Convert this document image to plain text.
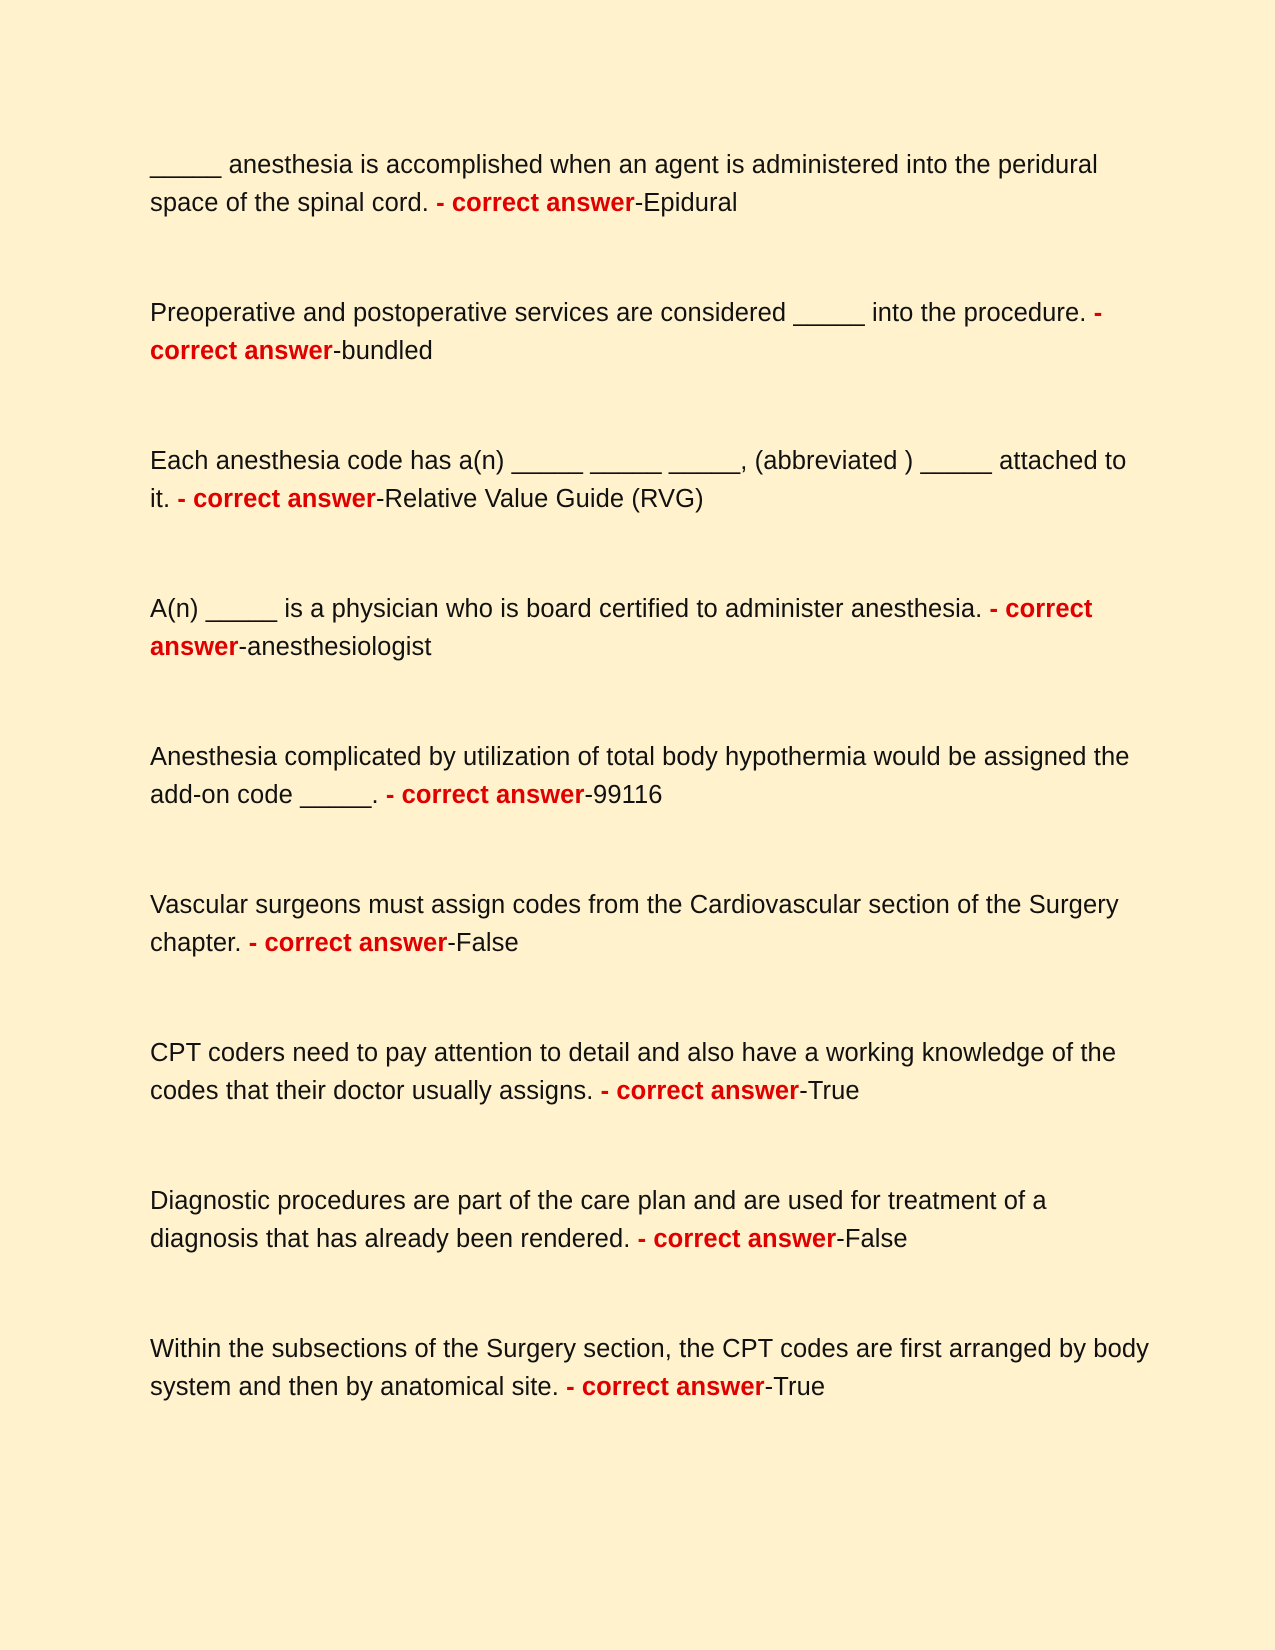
_____ anesthesia is accomplished when an agent is administered into the peridural space of the spinal cord. - correct answer-Epidural

Preoperative and postoperative services are considered _____ into the procedure. - correct answer-bundled

Each anesthesia code has a(n) _____ _____ _____, (abbreviated ) _____ attached to it. - correct answer-Relative Value Guide (RVG)

A(n) _____ is a physician who is board certified to administer anesthesia. - correct answer-anesthesiologist

Anesthesia complicated by utilization of total body hypothermia would be assigned the add-on code _____. - correct answer-99116

Vascular surgeons must assign codes from the Cardiovascular section of the Surgery chapter. - correct answer-False

CPT coders need to pay attention to detail and also have a working knowledge of the codes that their doctor usually assigns. - correct answer-True

Diagnostic procedures are part of the care plan and are used for treatment of a diagnosis that has already been rendered. - correct answer-False

Within the subsections of the Surgery section, the CPT codes are first arranged by body system and then by anatomical site. - correct answer-True
